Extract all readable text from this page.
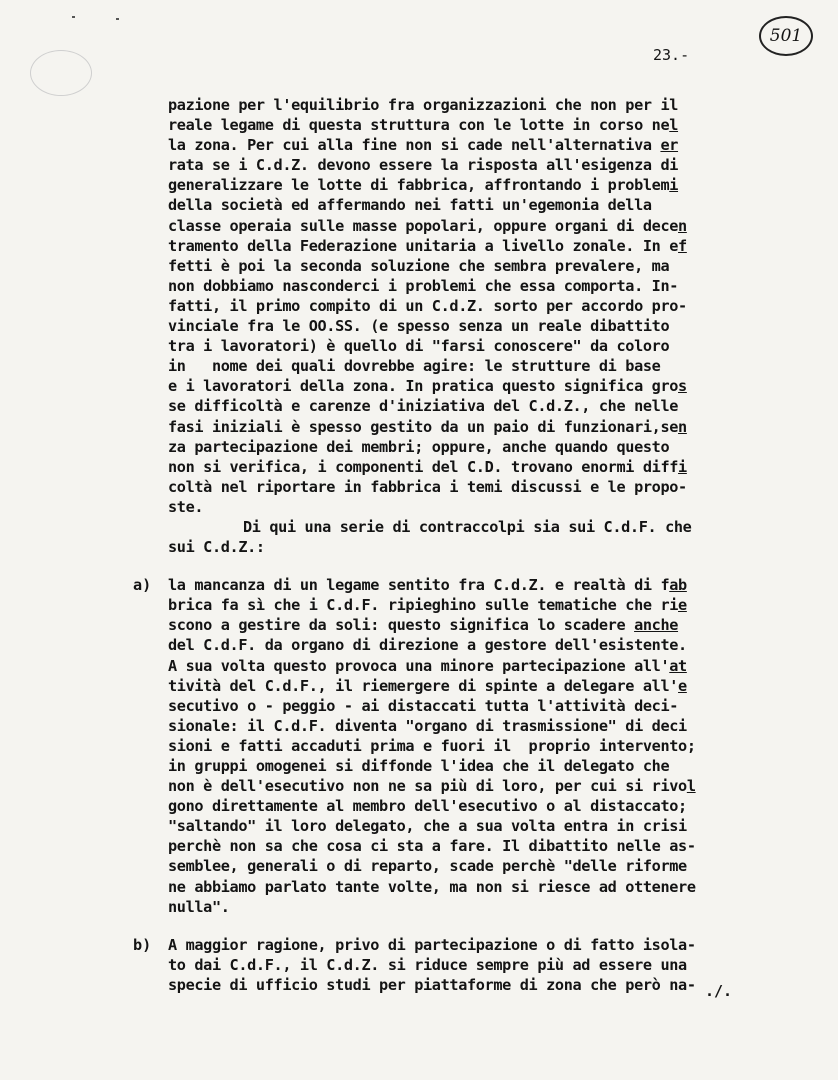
501
23.-
pazione per l'equilibrio fra organizzazioni che non per il
reale legame di questa struttura con le lotte in corso nel
la zona. Per cui alla fine non si cade nell'alternativa er
rata se i C.d.Z. devono essere la risposta all'esigenza di
generalizzare le lotte di fabbrica, affrontando i problemi
della società ed affermando nei fatti un'egemonia della
classe operaia sulle masse popolari, oppure organi di decen
tramento della Federazione unitaria a livello zonale. In ef
fetti è poi la seconda soluzione che sembra prevalere, ma
non dobbiamo nasconderci i problemi che essa comporta. In-
fatti, il primo compito di un C.d.Z. sorto per accordo pro-
vinciale fra le OO.SS. (e spesso senza un reale dibattito
tra i lavoratori) è quello di "farsi conoscere" da coloro
in   nome dei quali dovrebbe agire: le strutture di base
e i lavoratori della zona. In pratica questo significa gros
se difficoltà e carenze d'iniziativa del C.d.Z., che nelle
fasi iniziali è spesso gestito da un paio di funzionari,sen
za partecipazione dei membri; oppure, anche quando questo
non si verifica, i componenti del C.D. trovano enormi diffi
coltà nel riportare in fabbrica i temi discussi e le propo-
ste.
Di qui una serie di contraccolpi sia sui C.d.F. che
sui C.d.Z.:
a) la mancanza di un legame sentito fra C.d.Z. e realtà di fab
brica fa sì che i C.d.F. ripieghino sulle tematiche che rie
scono a gestire da soli: questo significa lo scadere anche
del C.d.F. da organo di direzione a gestore dell'esistente.
A sua volta questo provoca una minore partecipazione all'at
tività del C.d.F., il riemergere di spinte a delegare all'e
secutivo o - peggio - ai distaccati tutta l'attività deci-
sionale: il C.d.F. diventa "organo di trasmissione" di deci
sioni e fatti accaduti prima e fuori il  proprio intervento;
in gruppi omogenei si diffonde l'idea che il delegato che
non è dell'esecutivo non ne sa più di loro, per cui si rivol
gono direttamente al membro dell'esecutivo o al distaccato;
"saltando" il loro delegato, che a sua volta entra in crisi
perchè non sa che cosa ci sta a fare. Il dibattito nelle as-
semblee, generali o di reparto, scade perchè "delle riforme
ne abbiamo parlato tante volte, ma non si riesce ad ottenere
nulla".
b) A maggior ragione, privo di partecipazione o di fatto isola-
to dai C.d.F., il C.d.Z. si riduce sempre più ad essere una
specie di ufficio studi per piattaforme di zona che però na- ./.
